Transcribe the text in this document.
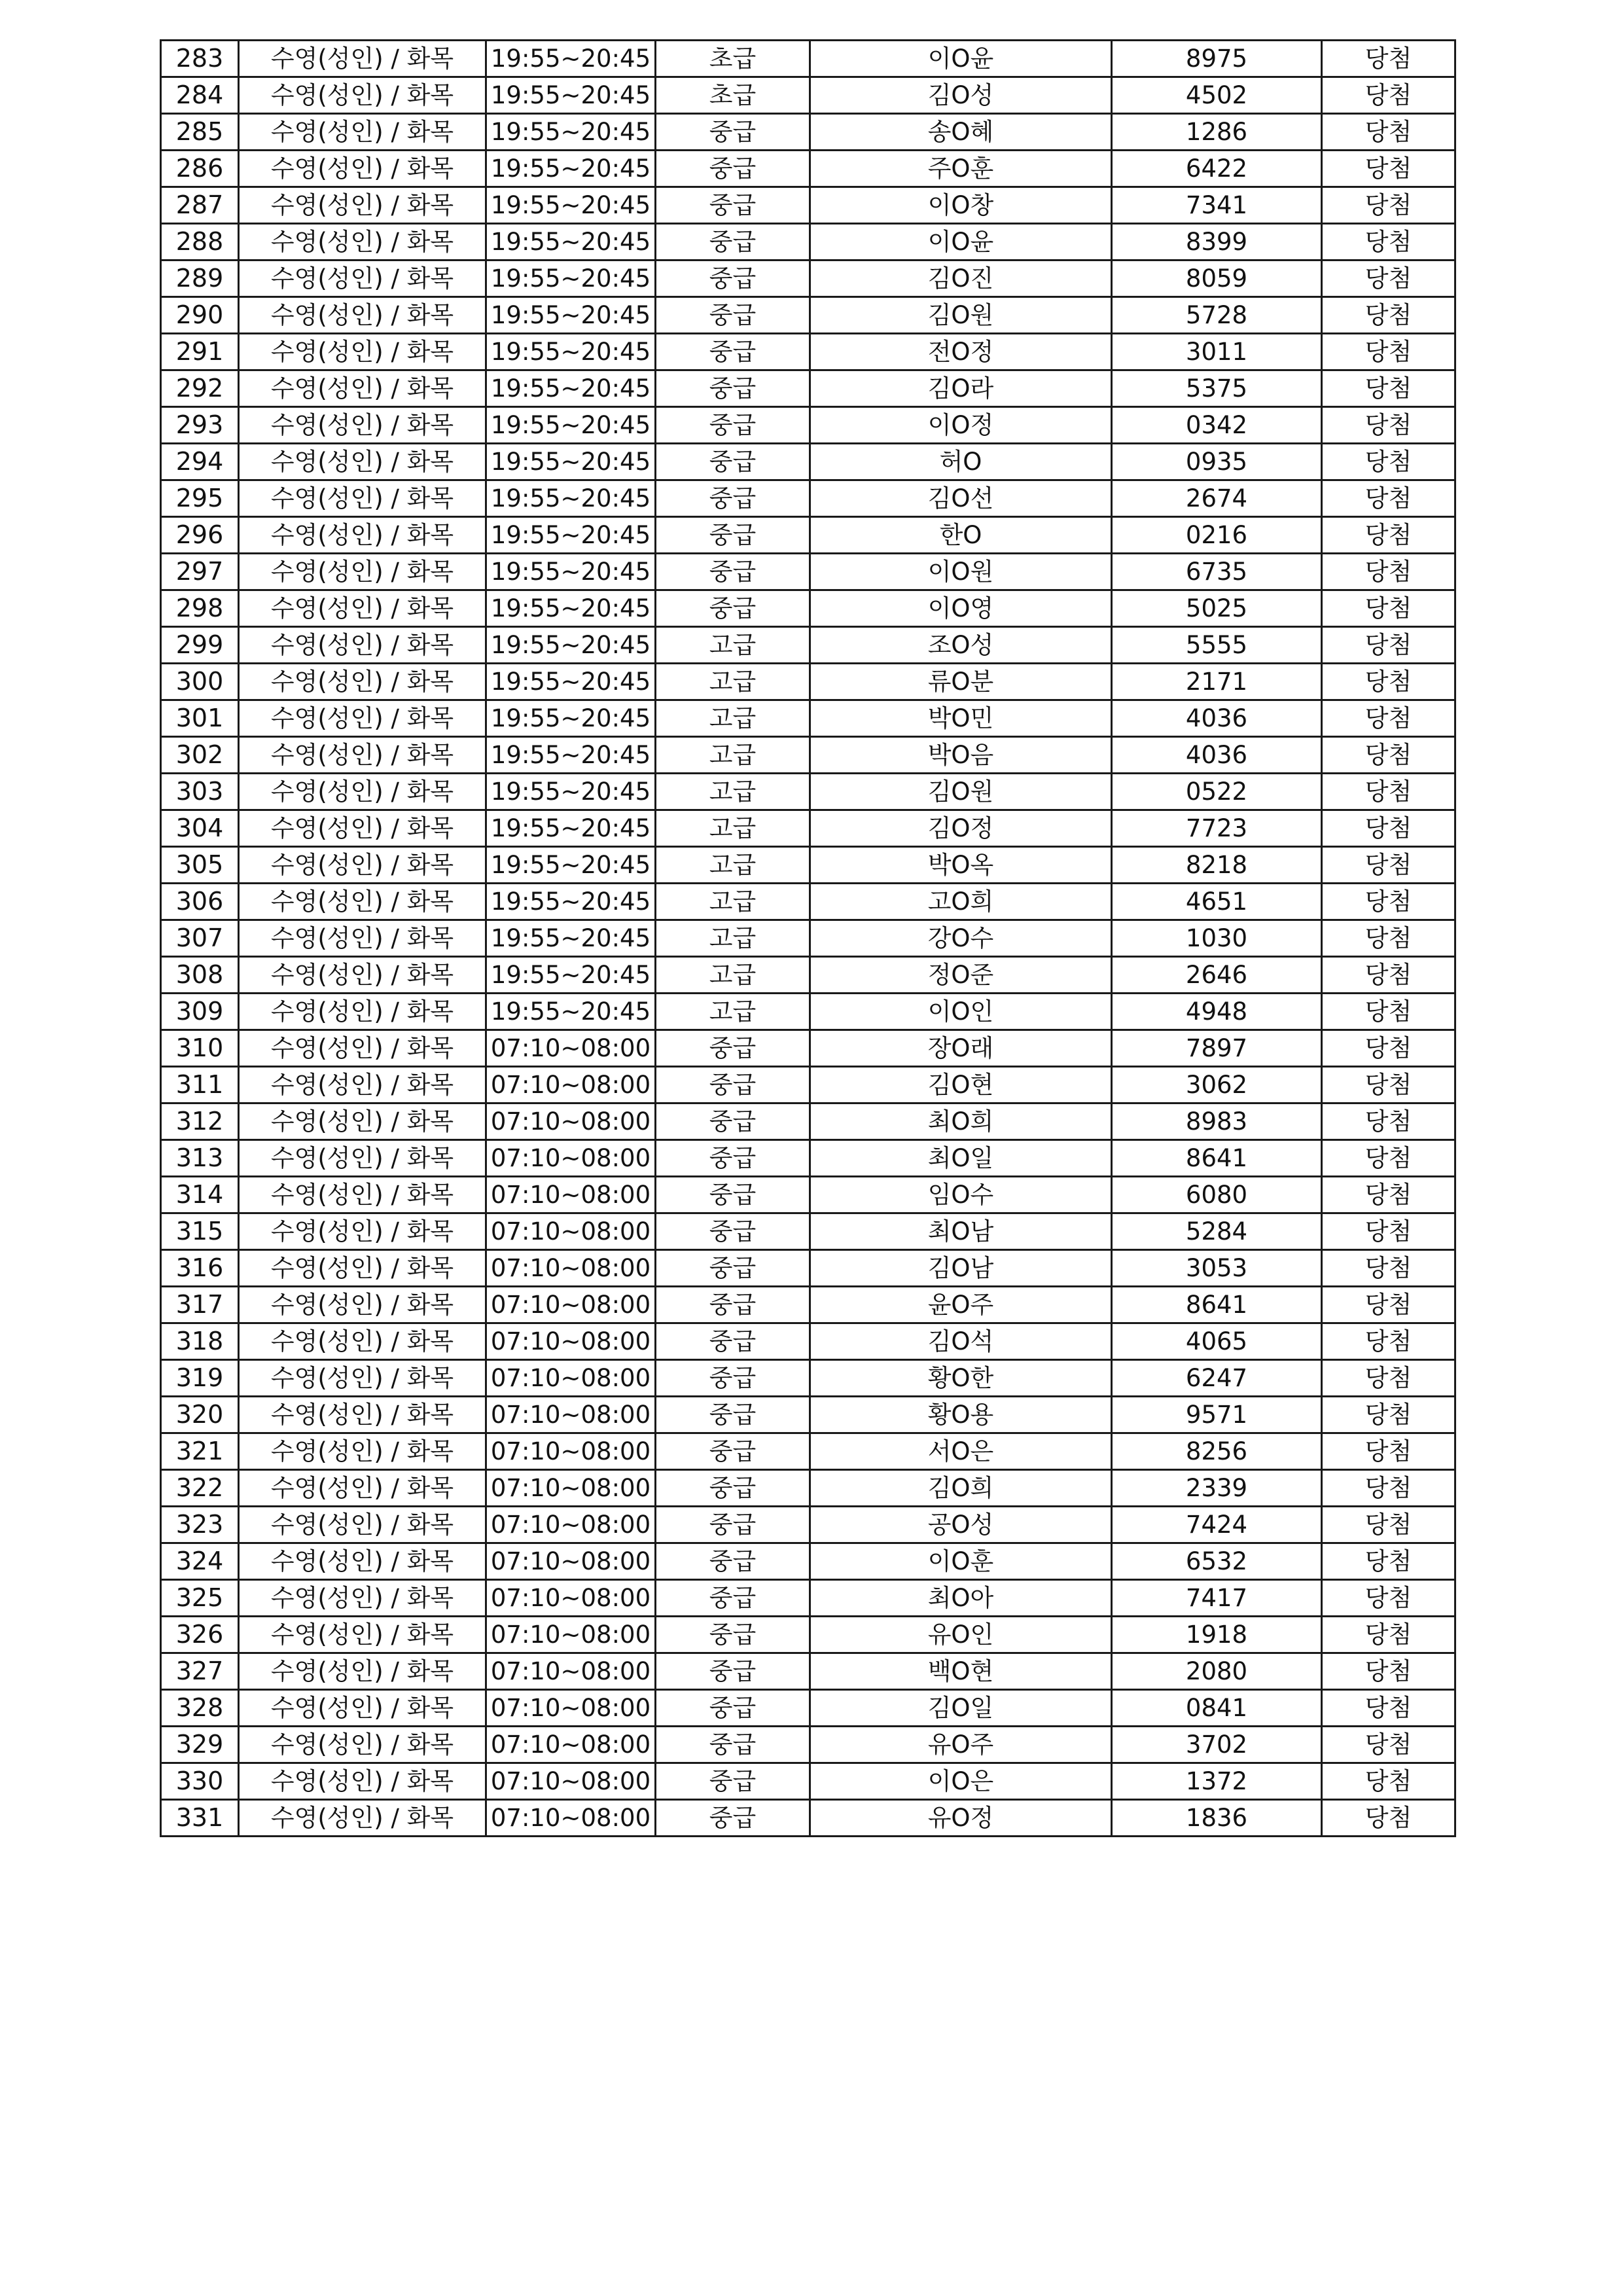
283	수영(성인) / 화목	19:55~20:45	초급	이O윤	8975	당첨
284	수영(성인) / 화목	19:55~20:45	초급	김O성	4502	당첨
285	수영(성인) / 화목	19:55~20:45	중급	송O혜	1286	당첨
286	수영(성인) / 화목	19:55~20:45	중급	주O훈	6422	당첨
287	수영(성인) / 화목	19:55~20:45	중급	이O창	7341	당첨
288	수영(성인) / 화목	19:55~20:45	중급	이O윤	8399	당첨
289	수영(성인) / 화목	19:55~20:45	중급	김O진	8059	당첨
290	수영(성인) / 화목	19:55~20:45	중급	김O원	5728	당첨
291	수영(성인) / 화목	19:55~20:45	중급	전O정	3011	당첨
292	수영(성인) / 화목	19:55~20:45	중급	김O라	5375	당첨
293	수영(성인) / 화목	19:55~20:45	중급	이O정	0342	당첨
294	수영(성인) / 화목	19:55~20:45	중급	허O	0935	당첨
295	수영(성인) / 화목	19:55~20:45	중급	김O선	2674	당첨
296	수영(성인) / 화목	19:55~20:45	중급	한O	0216	당첨
297	수영(성인) / 화목	19:55~20:45	중급	이O원	6735	당첨
298	수영(성인) / 화목	19:55~20:45	중급	이O영	5025	당첨
299	수영(성인) / 화목	19:55~20:45	고급	조O성	5555	당첨
300	수영(성인) / 화목	19:55~20:45	고급	류O분	2171	당첨
301	수영(성인) / 화목	19:55~20:45	고급	박O민	4036	당첨
302	수영(성인) / 화목	19:55~20:45	고급	박O음	4036	당첨
303	수영(성인) / 화목	19:55~20:45	고급	김O원	0522	당첨
304	수영(성인) / 화목	19:55~20:45	고급	김O정	7723	당첨
305	수영(성인) / 화목	19:55~20:45	고급	박O옥	8218	당첨
306	수영(성인) / 화목	19:55~20:45	고급	고O희	4651	당첨
307	수영(성인) / 화목	19:55~20:45	고급	강O수	1030	당첨
308	수영(성인) / 화목	19:55~20:45	고급	정O준	2646	당첨
309	수영(성인) / 화목	19:55~20:45	고급	이O인	4948	당첨
310	수영(성인) / 화목	07:10~08:00	중급	장O래	7897	당첨
311	수영(성인) / 화목	07:10~08:00	중급	김O현	3062	당첨
312	수영(성인) / 화목	07:10~08:00	중급	최O희	8983	당첨
313	수영(성인) / 화목	07:10~08:00	중급	최O일	8641	당첨
314	수영(성인) / 화목	07:10~08:00	중급	임O수	6080	당첨
315	수영(성인) / 화목	07:10~08:00	중급	최O남	5284	당첨
316	수영(성인) / 화목	07:10~08:00	중급	김O남	3053	당첨
317	수영(성인) / 화목	07:10~08:00	중급	윤O주	8641	당첨
318	수영(성인) / 화목	07:10~08:00	중급	김O석	4065	당첨
319	수영(성인) / 화목	07:10~08:00	중급	황O한	6247	당첨
320	수영(성인) / 화목	07:10~08:00	중급	황O용	9571	당첨
321	수영(성인) / 화목	07:10~08:00	중급	서O은	8256	당첨
322	수영(성인) / 화목	07:10~08:00	중급	김O희	2339	당첨
323	수영(성인) / 화목	07:10~08:00	중급	공O성	7424	당첨
324	수영(성인) / 화목	07:10~08:00	중급	이O훈	6532	당첨
325	수영(성인) / 화목	07:10~08:00	중급	최O아	7417	당첨
326	수영(성인) / 화목	07:10~08:00	중급	유O인	1918	당첨
327	수영(성인) / 화목	07:10~08:00	중급	백O현	2080	당첨
328	수영(성인) / 화목	07:10~08:00	중급	김O일	0841	당첨
329	수영(성인) / 화목	07:10~08:00	중급	유O주	3702	당첨
330	수영(성인) / 화목	07:10~08:00	중급	이O은	1372	당첨
331	수영(성인) / 화목	07:10~08:00	중급	유O정	1836	당첨
